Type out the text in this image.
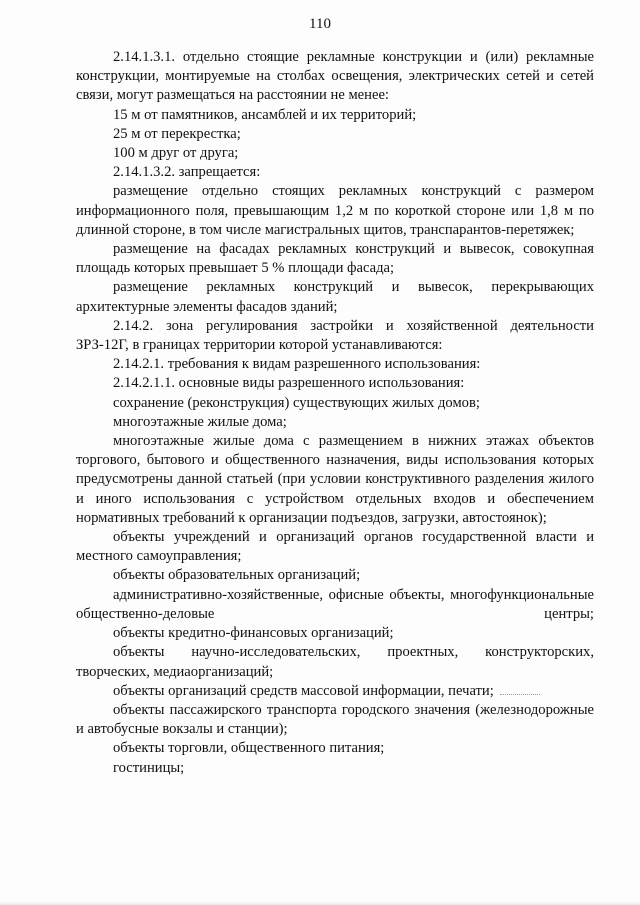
110

2.14.1.3.1. отдельно стоящие рекламные конструкции и (или) рекламные конструкции, монтируемые на столбах освещения, электрических сетей и сетей связи, могут размещаться на расстоянии не менее:

15 м от памятников, ансамблей и их территорий;

25 м от перекрестка;

100 м друг от друга;

2.14.1.3.2. запрещается:

размещение отдельно стоящих рекламных конструкций с размером информационного поля, превышающим 1,2 м по короткой стороне или 1,8 м по длинной стороне, в том числе магистральных щитов, транспарантов-перетяжек;

размещение на фасадах рекламных конструкций и вывесок, совокупная площадь которых превышает 5 % площади фасада;

размещение рекламных конструкций и вывесок, перекрывающих архитектурные элементы фасадов зданий;

2.14.2. зона регулирования застройки и хозяйственной деятельности ЗРЗ-12Г, в границах территории которой устанавливаются:

2.14.2.1. требования к видам разрешенного использования:

2.14.2.1.1. основные виды разрешенного использования:

сохранение (реконструкция) существующих жилых домов;

многоэтажные жилые дома;

многоэтажные жилые дома с размещением в нижних этажах объектов торгового, бытового и общественного назначения, виды использования которых предусмотрены данной статьей (при условии конструктивного разделения жилого и иного использования с устройством отдельных входов и обеспечением нормативных требований к организации подъездов, загрузки, автостоянок);

объекты учреждений и организаций органов государственной власти и местного самоуправления;

объекты образовательных организаций;

административно-хозяйственные, офисные объекты, многофункциональные общественно-деловые центры;

объекты кредитно-финансовых организаций;

объекты научно-исследовательских, проектных, конструкторских, творческих, медиаорганизаций;

объекты организаций средств массовой информации, печати;

объекты пассажирского транспорта городского значения (железнодорожные и автобусные вокзалы и станции);

объекты торговли, общественного питания;

гостиницы;
